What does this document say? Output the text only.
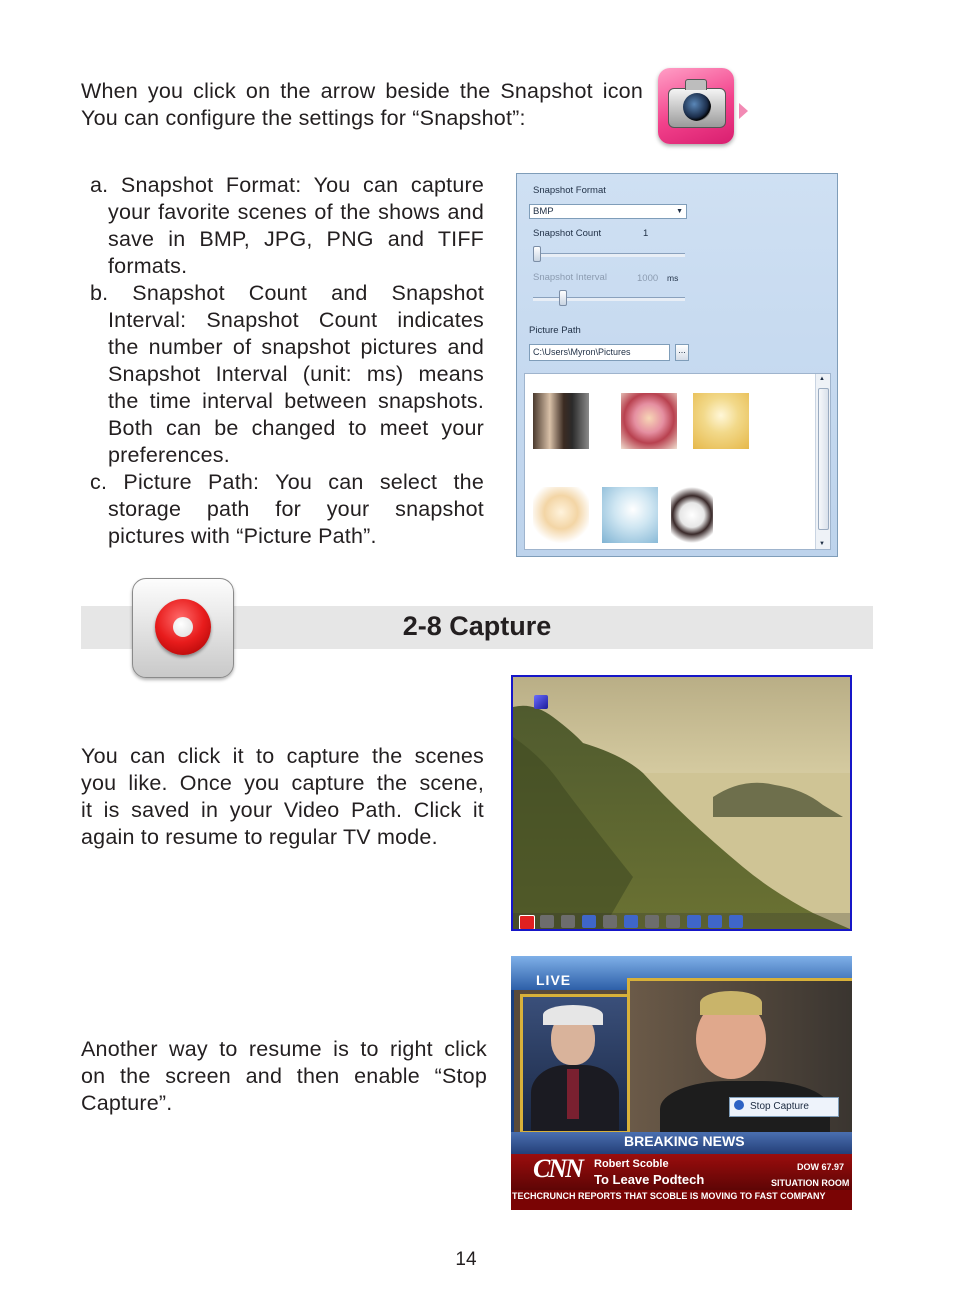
When you click on the arrow beside the Snapshot icon
You can configure the settings for “Snapshot”:
a. Snapshot Format: You can capture
your favorite scenes of the shows and
save in BMP, JPG, PNG and TIFF
formats.
b. Snapshot Count and Snapshot
Interval: Snapshot Count indicates
the number of snapshot pictures and
Snapshot Interval (unit: ms) means
the time interval between snapshots.
Both can be changed to meet your
preferences.
c. Picture Path: You can select the
storage path for your snapshot
pictures with “Picture Path”.
Snapshot Format
BMP	▼
Snapshot Count	1
Snapshot Interval	1000 ms
Picture Path
C:\Users\Myron\Pictures	...
▲
▼
2-8 Capture
You can click it to capture the scenes
you like. Once you capture the scene,
it is saved in your Video Path. Click it
again to resume to regular TV mode.
Another way to resume is to right click
on the screen and then enable “Stop
Capture”.
LIVE
Stop Capture
BREAKING NEWS
CNN Robert Scoble
To Leave Podtech
DOW 67.97
SITUATION ROOM
TECHCRUNCH REPORTS THAT SCOBLE IS MOVING TO FAST COMPANY
14
